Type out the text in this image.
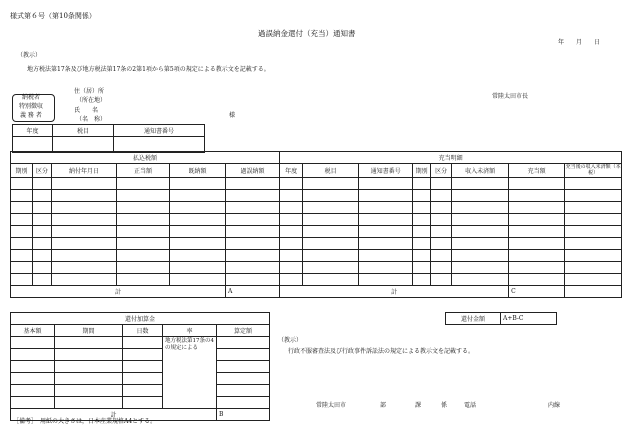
様式第６号（第10条関係）
過誤納金還付（充当）通知書
年　　月　　日
（教示）
地方税法第17条及び地方税法第17条の2第1項から第5項の規定による教示文を記載する。
納税者
特別徴収
義 務 者
住（居）所
（所在地）
氏　　名
（名　称）
様
常陸太田市長
年度	税目	通知書番号

払込税額						充当明細							
期別	区分	納付年月日	正当額	既納額	過誤納額	年度	税目	通知書番号	期別	区分	収入未済額	充当額	充当後の収入未済額（本税）

計					A	計						C	
還付金額	A+B-C
還付加算金				
基本額	期間	日数	率	算定額
			地方税法第17条の4の規定による	

計				B
（教示）
行政不服審査法及び行政事件訴訟法の規定による教示文を記載する。
常陸太田市	部	課	係	電話	内線
［備考］　用紙の大きさは，日本産業規格A4とする。
